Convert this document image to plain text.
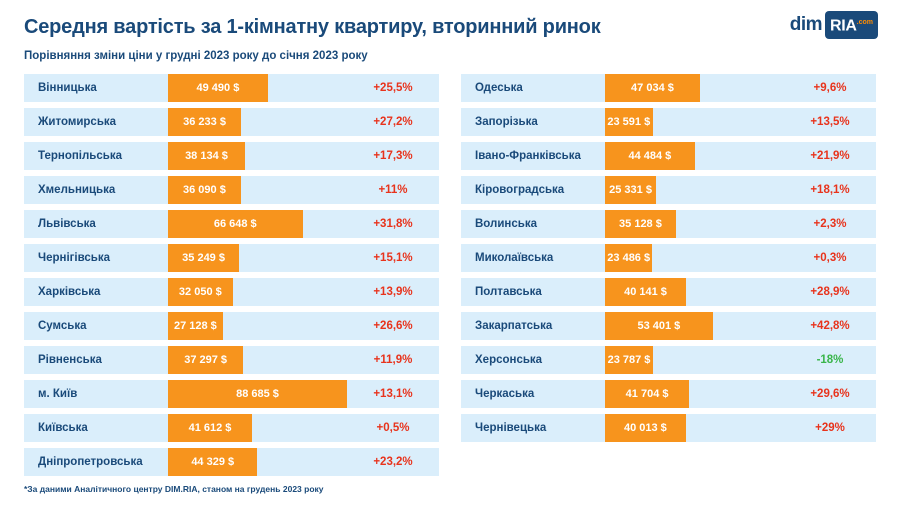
Середня вартість за 1-кімнатну квартиру, вторинний ринок
Порівняння зміни ціни у грудні 2023 року до січня 2023 року
dim $RIA^{.com}$
Вінницька	49 490 $	+25,5%
Житомирська	36 233 $	+27,2%
Тернопільська	38 134 $	+17,3%
Хмельницька	36 090 $	+11%
Львівська	66 648 $	+31,8%
Чернігівська	35 249 $	+15,1%
Харківська	32 050 $	+13,9%
Сумська	27 128 $	+26,6%
Рівненська	37 297 $	+11,9%
м. Київ	88 685 $	+13,1%
Київська	41 612 $	+0,5%
Дніпропетровська	44 329 $	+23,2%
Одеська	47 034 $	+9,6%
Запорізька	23 591 $	+13,5%
Івано-Франківська	44 484 $	+21,9%
Кіровоградська	25 331 $	+18,1%
Волинська	35 128 $	+2,3%
Миколаївська	23 486 $	+0,3%
Полтавська	40 141 $	+28,9%
Закарпатська	53 401 $	+42,8%
Херсонська	23 787 $	-18%
Черкаська	41 704 $	+29,6%
Чернівецька	40 013 $	+29%
*За даними Аналітичного центру DIM.RIA, станом на грудень 2023 року
